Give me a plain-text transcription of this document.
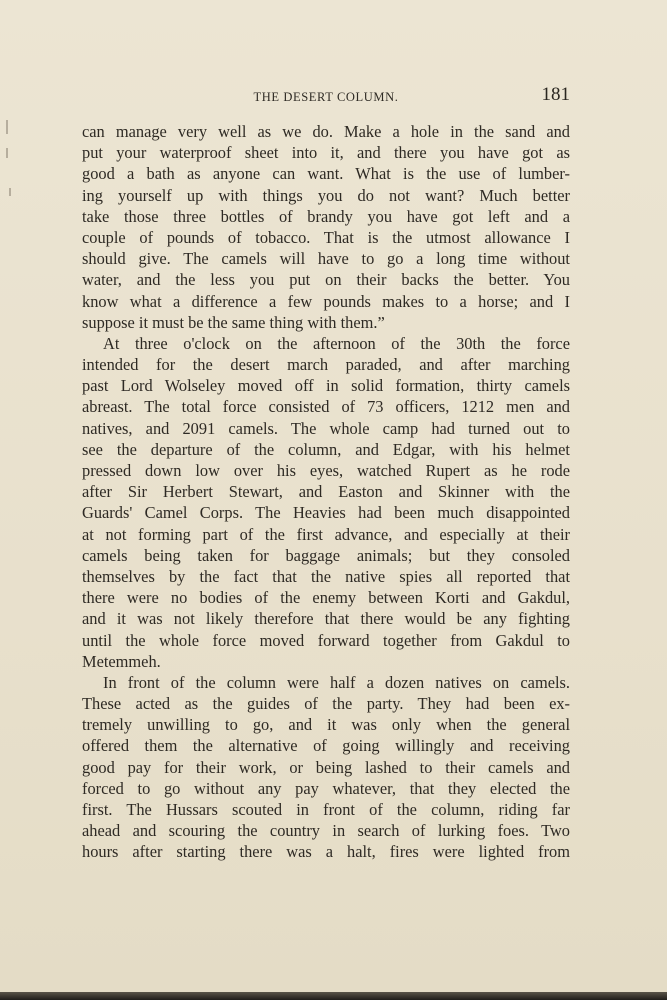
THE DESERT COLUMN.	181
can manage very well as we do. Make a hole in the sand and
put your waterproof sheet into it, and there you have got as
good a bath as anyone can want. What is the use of lumber-
ing yourself up with things you do not want? Much better
take those three bottles of brandy you have got left and a
couple of pounds of tobacco. That is the utmost allowance I
should give. The camels will have to go a long time without
water, and the less you put on their backs the better. You
know what a difference a few pounds makes to a horse; and I
suppose it must be the same thing with them.”
At three o'clock on the afternoon of the 30th the force
intended for the desert march paraded, and after marching
past Lord Wolseley moved off in solid formation, thirty camels
abreast. The total force consisted of 73 officers, 1212 men and
natives, and 2091 camels. The whole camp had turned out to
see the departure of the column, and Edgar, with his helmet
pressed down low over his eyes, watched Rupert as he rode
after Sir Herbert Stewart, and Easton and Skinner with the
Guards' Camel Corps. The Heavies had been much disappointed
at not forming part of the first advance, and especially at their
camels being taken for baggage animals; but they consoled
themselves by the fact that the native spies all reported that
there were no bodies of the enemy between Korti and Gakdul,
and it was not likely therefore that there would be any fighting
until the whole force moved forward together from Gakdul to
Metemmeh.
In front of the column were half a dozen natives on camels.
These acted as the guides of the party. They had been ex-
tremely unwilling to go, and it was only when the general
offered them the alternative of going willingly and receiving
good pay for their work, or being lashed to their camels and
forced to go without any pay whatever, that they elected the
first. The Hussars scouted in front of the column, riding far
ahead and scouring the country in search of lurking foes. Two
hours after starting there was a halt, fires were lighted from
